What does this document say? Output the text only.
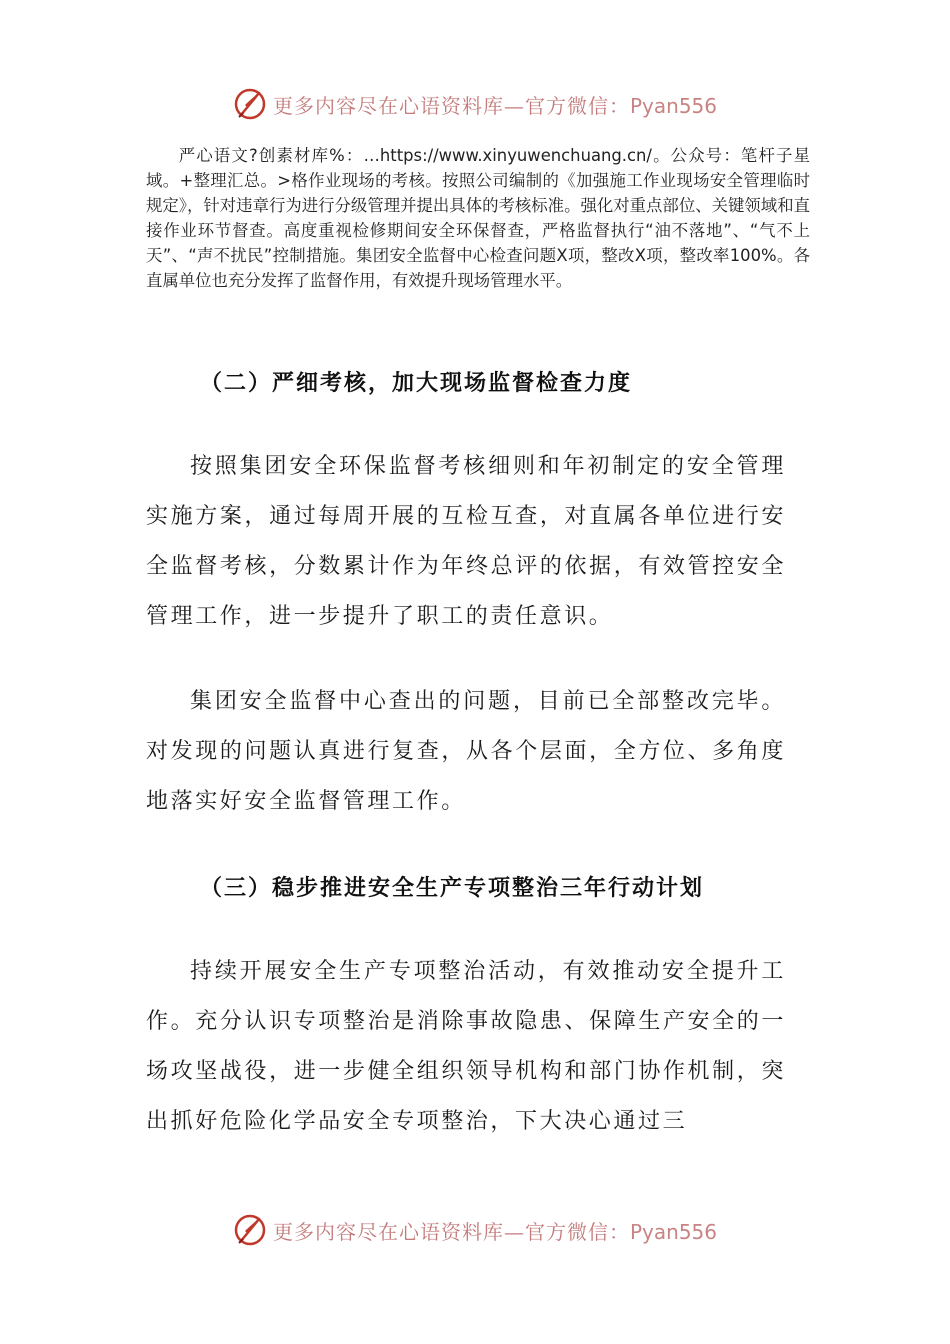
更多内容尽在心语资料库—官方微信：Pyan556

严心语文?创素材库%：…https://www.xinyuwenchuang.cn/。公众号：笔杆子星域。+整理汇总。>格作业现场的考核。按照公司编制的《加强施工作业现场安全管理临时规定》，针对违章行为进行分级管理并提出具体的考核标准。强化对重点部位、关键领域和直接作业环节督查。高度重视检修期间安全环保督查，严格监督执行“油不落地”、“气不上天”、“声不扰民”控制措施。集团安全监督中心检查问题X项，整改X项，整改率100%。各直属单位也充分发挥了监督作用，有效提升现场管理水平。

（二）严细考核，加大现场监督检查力度

按照集团安全环保监督考核细则和年初制定的安全管理实施方案，通过每周开展的互检互查，对直属各单位进行安全监督考核，分数累计作为年终总评的依据，有效管控安全管理工作，进一步提升了职工的责任意识。

集团安全监督中心查出的问题，目前已全部整改完毕。对发现的问题认真进行复查，从各个层面，全方位、多角度地落实好安全监督管理工作。

（三）稳步推进安全生产专项整治三年行动计划

持续开展安全生产专项整治活动，有效推动安全提升工作。充分认识专项整治是消除事故隐患、保障生产安全的一场攻坚战役，进一步健全组织领导机构和部门协作机制，突出抓好危险化学品安全专项整治，下大决心通过三

更多内容尽在心语资料库—官方微信：Pyan556
